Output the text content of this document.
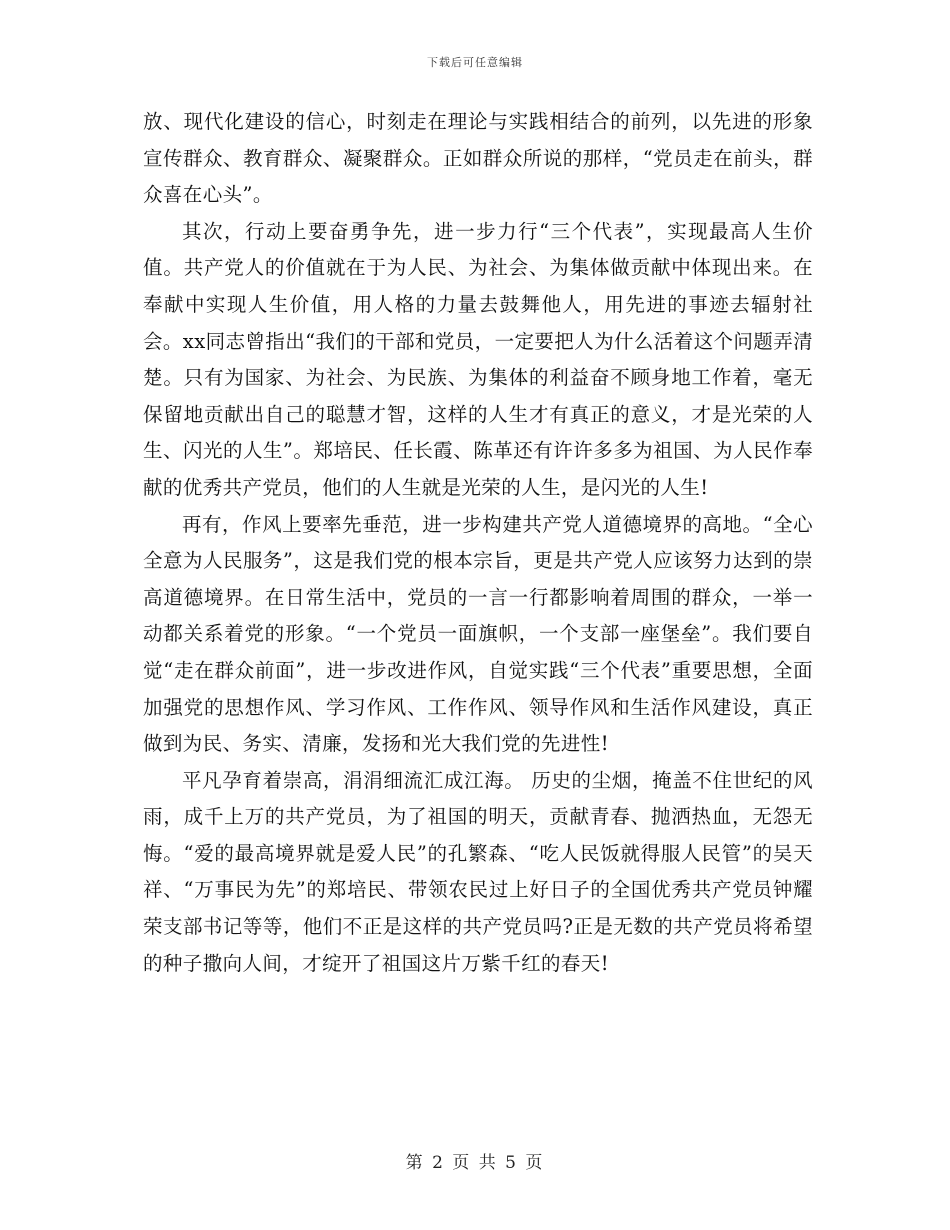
下载后可任意编辑

放、现代化建设的信心，时刻走在理论与实践相结合的前列，以先进的形象宣传群众、教育群众、凝聚群众。正如群众所说的那样，“党员走在前头，群众喜在心头”。

其次，行动上要奋勇争先，进一步力行“三个代表”，实现最高人生价值。共产党人的价值就在于为人民、为社会、为集体做贡献中体现出来。在奉献中实现人生价值，用人格的力量去鼓舞他人，用先进的事迹去辐射社会。xx同志曾指出“我们的干部和党员，一定要把人为什么活着这个问题弄清楚。只有为国家、为社会、为民族、为集体的利益奋不顾身地工作着，毫无保留地贡献出自己的聪慧才智，这样的人生才有真正的意义，才是光荣的人生、闪光的人生”。郑培民、任长霞、陈革还有许许多多为祖国、为人民作奉献的优秀共产党员，他们的人生就是光荣的人生，是闪光的人生!

再有，作风上要率先垂范，进一步构建共产党人道德境界的高地。“全心全意为人民服务”，这是我们党的根本宗旨，更是共产党人应该努力达到的崇高道德境界。在日常生活中，党员的一言一行都影响着周围的群众，一举一动都关系着党的形象。“一个党员一面旗帜，一个支部一座堡垒”。我们要自觉“走在群众前面”，进一步改进作风，自觉实践“三个代表”重要思想，全面加强党的思想作风、学习作风、工作作风、领导作风和生活作风建设，真正做到为民、务实、清廉，发扬和光大我们党的先进性!

平凡孕育着崇高，涓涓细流汇成江海。 历史的尘烟，掩盖不住世纪的风雨，成千上万的共产党员，为了祖国的明天，贡献青春、抛洒热血，无怨无悔。“爱的最高境界就是爱人民”的孔繁森、“吃人民饭就得服人民管”的吴天祥、“万事民为先”的郑培民、带领农民过上好日子的全国优秀共产党员钟耀荣支部书记等等，他们不正是这样的共产党员吗?正是无数的共产党员将希望的种子撒向人间，才绽开了祖国这片万紫千红的春天!

第 2 页 共 5 页
